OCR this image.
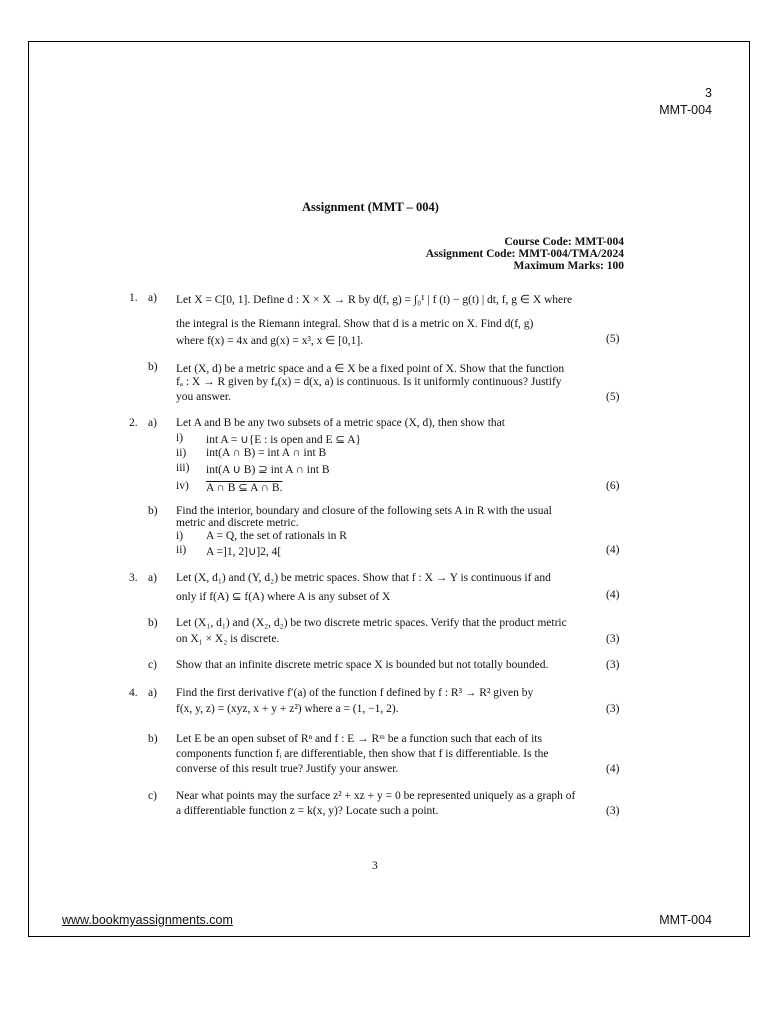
3
MMT-004
Assignment (MMT – 004)
Course Code: MMT-004
Assignment Code: MMT-004/TMA/2024
Maximum Marks: 100
1. a) Let X = C[0, 1]. Define d : X × X → R by d(f, g) = ∫₀¹ | f (t) − g(t) | dt, f, g ∈ X where
the integral is the Riemann integral. Show that d is a metric on X. Find d(f, g)
where f(x) = 4x and g(x) = x³, x ∈ [0,1].	(5)
b) Let (X, d) be a metric space and a ∈ X be a fixed point of X. Show that the function
fₐ : X → R given by fₐ(x) = d(x, a) is continuous. Is it uniformly continuous? Justify
you answer.	(5)
2. a) Let A and B be any two subsets of a metric space (X, d), then show that
i) int A = ∪{E : is open and E ⊆ A}
ii) int(A ∩ B) = int A ∩ int B
iii) int(A ∪ B) ⊇ int A ∩ int B
iv) A ∩ B ⊆ A ∩ B.	(6)
b) Find the interior, boundary and closure of the following sets A in R with the usual
metric and discrete metric.
i) A = Q, the set of rationals in R
ii) A =]1, 2]∪]2, 4[	(4)
3. a) Let (X, d₁) and (Y, d₂) be metric spaces. Show that f : X → Y is continuous if and
only if f(A) ⊆ f(A) where A is any subset of X	(4)
b) Let (X₁, d₁) and (X₂, d₂) be two discrete metric spaces. Verify that the product metric
on X₁ × X₂ is discrete.	(3)
c) Show that an infinite discrete metric space X is bounded but not totally bounded.	(3)
4. a) Find the first derivative f′(a) of the function f defined by f : R³ → R² given by
f(x, y, z) = (xyz, x + y + z²) where a = (1, −1, 2).	(3)
b) Let E be an open subset of Rⁿ and f : E → Rᵐ be a function such that each of its
components function fᵢ are differentiable, then show that f is differentiable. Is the
converse of this result true? Justify your answer.	(4)
c) Near what points may the surface z² + xz + y = 0 be represented uniquely as a graph of
a differentiable function z = k(x, y)? Locate such a point.	(3)
3
www.bookmyassignments.com	MMT-004
